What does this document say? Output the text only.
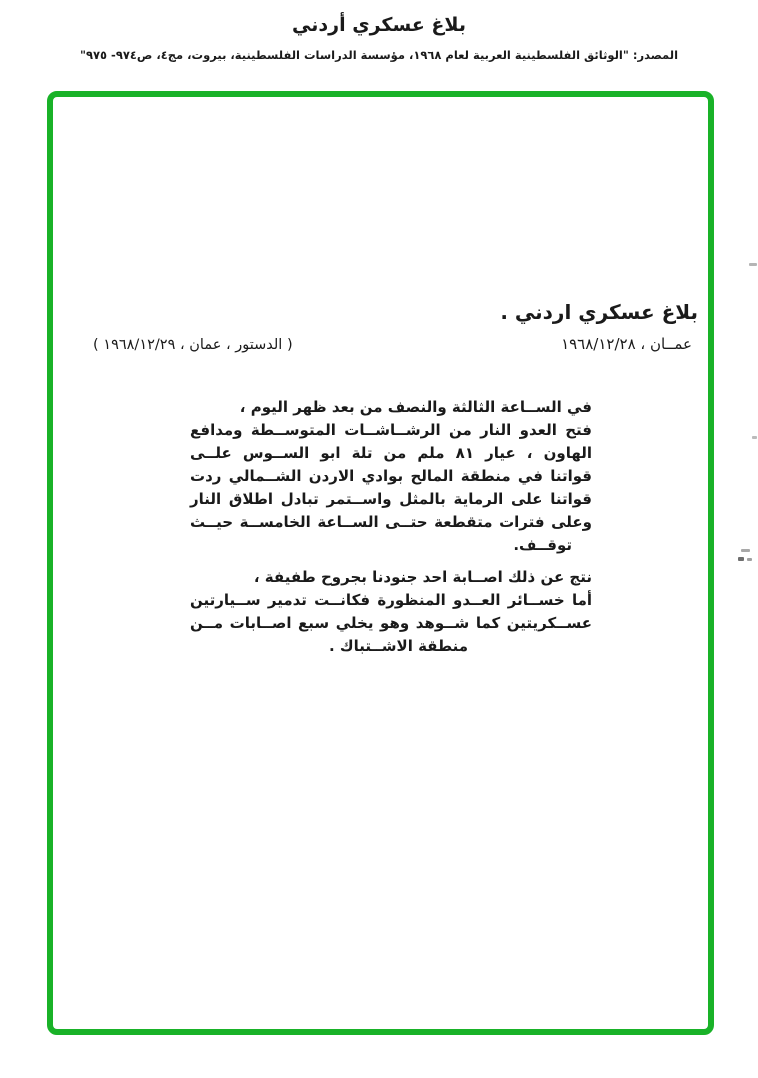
بلاغ عسكري أردني
المصدر: "الوثائق الفلسطينية العربية لعام ١٩٦٨، مؤسسة الدراسات الفلسطينية، بيروت، مج٤، ص٩٧٤- ٩٧٥"
بلاغ عسكري اردني .
عمــان ، ١٩٦٨/١٢/٢٨
( الدستور ، عمان ، ١٩٦٨/١٢/٢٩ )
في الســاعة الثالثة والنصف من بعد ظهر اليوم ،
فتح العدو النار من الرشــاشــات المتوســطة ومدافع
الهاون ، عيار ٨١ ملم من تلة ابو الســوس علــى
قواتنا في منطقة المالح بوادي الاردن الشــمالي ردت
قواتنا على الرماية بالمثل واســتمر تبادل اطلاق النار
وعلى فترات متقطعة حتــى الســاعة الخامســة حيــث
توقــف.
نتج عن ذلك اصــابة احد جنودنا بجروح طفيفة ،
أما خســائر العــدو المنظورة فكانــت تدمير ســيارتين
عســكريتين كما شــوهد وهو يخلي سبع اصــابات مــن
منطقة الاشــتباك .
